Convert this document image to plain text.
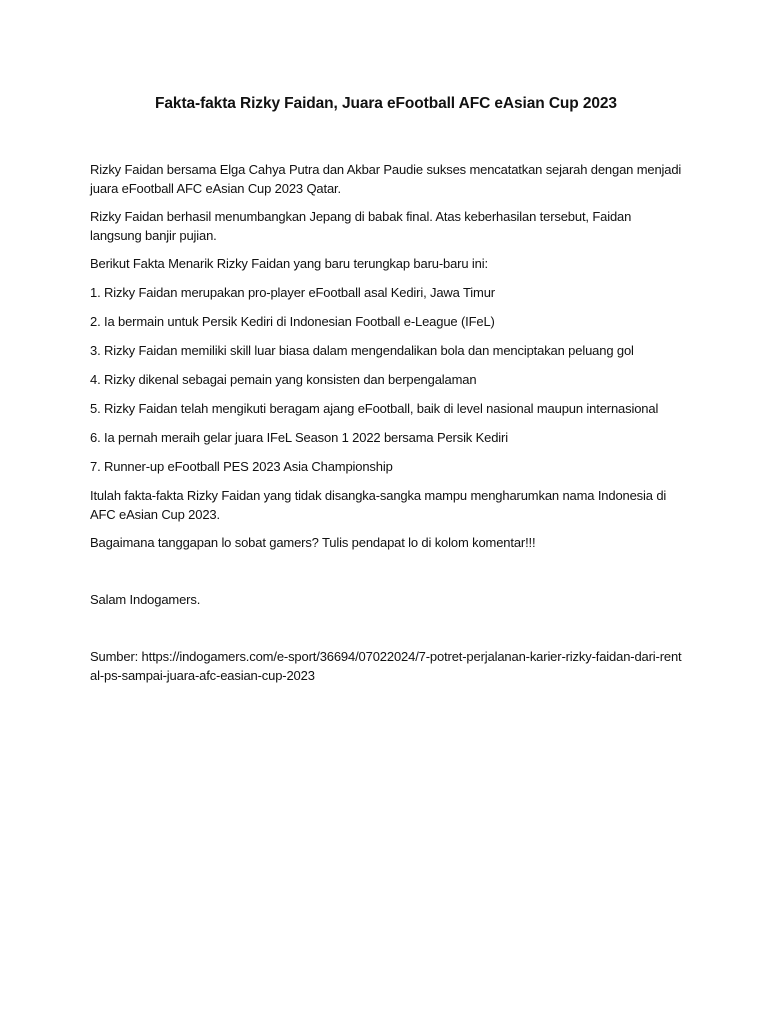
Fakta-fakta Rizky Faidan, Juara eFootball AFC eAsian Cup 2023

Rizky Faidan bersama Elga Cahya Putra dan Akbar Paudie sukses mencatatkan sejarah dengan menjadi juara eFootball AFC eAsian Cup 2023 Qatar.

Rizky Faidan berhasil menumbangkan Jepang di babak final. Atas keberhasilan tersebut, Faidan langsung banjir pujian.

Berikut Fakta Menarik Rizky Faidan yang baru terungkap baru-baru ini:

1. Rizky Faidan merupakan pro-player eFootball asal Kediri, Jawa Timur

2. Ia bermain untuk Persik Kediri di Indonesian Football e-League (IFeL)

3. Rizky Faidan memiliki skill luar biasa dalam mengendalikan bola dan menciptakan peluang gol

4. Rizky dikenal sebagai pemain yang konsisten dan berpengalaman

5. Rizky Faidan telah mengikuti beragam ajang eFootball, baik di level nasional maupun internasional

6. Ia pernah meraih gelar juara IFeL Season 1 2022 bersama Persik Kediri

7. Runner-up eFootball PES 2023 Asia Championship

Itulah fakta-fakta Rizky Faidan yang tidak disangka-sangka mampu mengharumkan nama Indonesia di AFC eAsian Cup 2023.

Bagaimana tanggapan lo sobat gamers? Tulis pendapat lo di kolom komentar!!!

Salam Indogamers.

Sumber: https://indogamers.com/e-sport/36694/07022024/7-potret-perjalanan-karier-rizky-faidan-dari-rental-ps-sampai-juara-afc-easian-cup-2023
